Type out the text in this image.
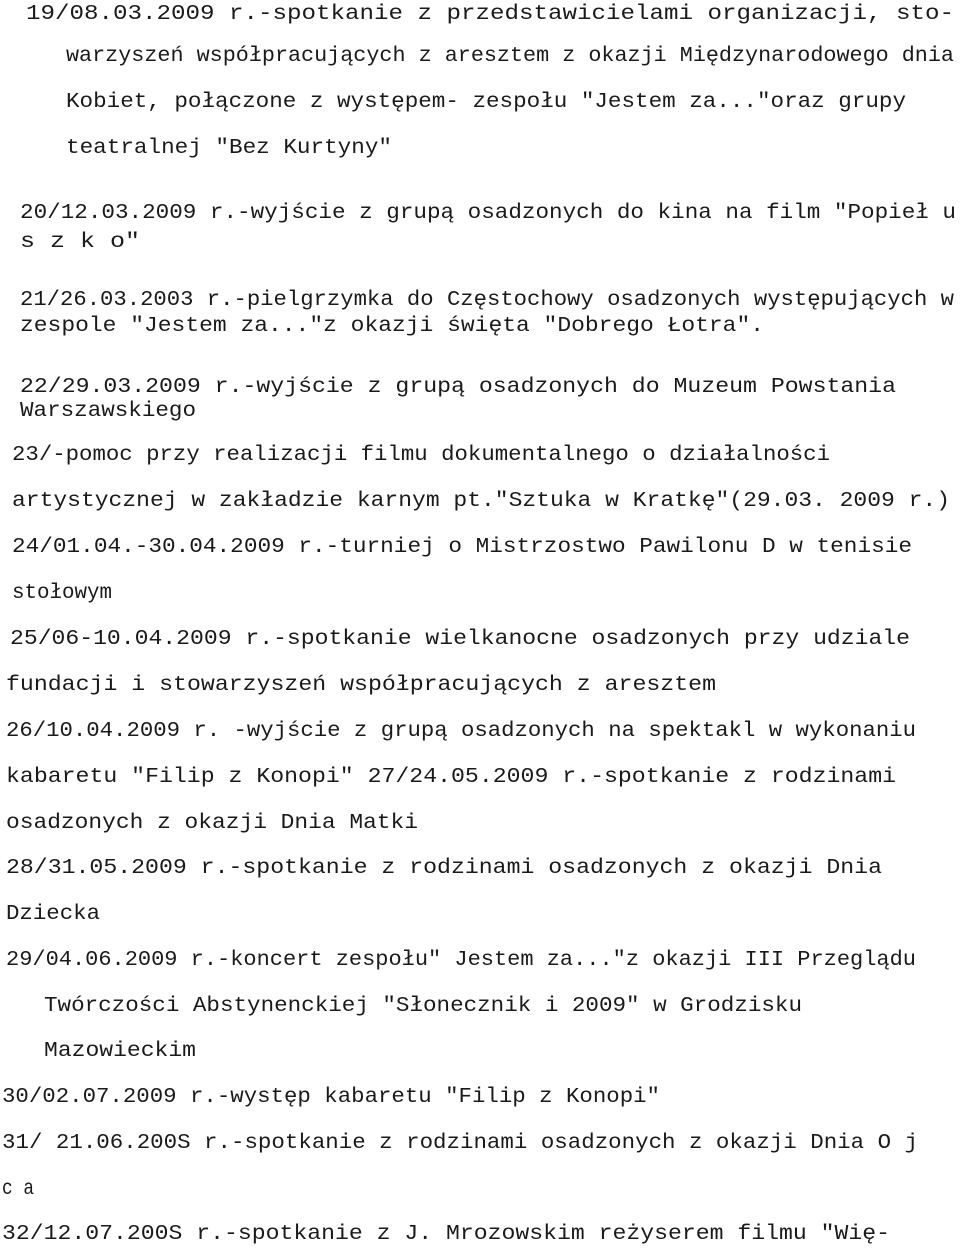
19/08.03.2009 r.-spotkanie z przedstawicielami organizacji, sto-

warzyszeń współpracujących z aresztem z okazji Międzynarodowego dnia

Kobiet, połączone z występem- zespołu "Jestem za..."oraz grupy

teatralnej "Bez Kurtyny"

20/12.03.2009 r.-wyjście z grupą osadzonych do kina na film "Popieł u

s z k o"

21/26.03.2003 r.-pielgrzymka do Częstochowy osadzonych występujących w

zespole "Jestem za..."z okazji święta "Dobrego Łotra".

22/29.03.2009 r.-wyjście z grupą osadzonych do Muzeum Powstania

Warszawskiego

23/-pomoc przy realizacji filmu dokumentalnego o działalności

artystycznej w zakładzie karnym pt."Sztuka w Kratkę"(29.03. 2009 r.)

24/01.04.-30.04.2009 r.-turniej o Mistrzostwo Pawilonu D w tenisie

stołowym

25/06-10.04.2009 r.-spotkanie wielkanocne osadzonych przy udziale

fundacji i stowarzyszeń współpracujących z aresztem

26/10.04.2009 r. -wyjście z grupą osadzonych na spektakl w wykonaniu

kabaretu "Filip z Konopi" 27/24.05.2009 r.-spotkanie z rodzinami

osadzonych z okazji Dnia Matki

28/31.05.2009 r.-spotkanie z rodzinami osadzonych z okazji Dnia

Dziecka

29/04.06.2009 r.-koncert zespołu" Jestem za..."z okazji III Przeglądu

Twórczości Abstynenckiej "Słonecznik i 2009" w Grodzisku

Mazowieckim

30/02.07.2009 r.-występ kabaretu "Filip z Konopi"

31/ 21.06.200S r.-spotkanie z rodzinami osadzonych z okazji Dnia O j

c a

32/12.07.200S r.-spotkanie z J. Mrozowskim reżyserem filmu "Wię-
